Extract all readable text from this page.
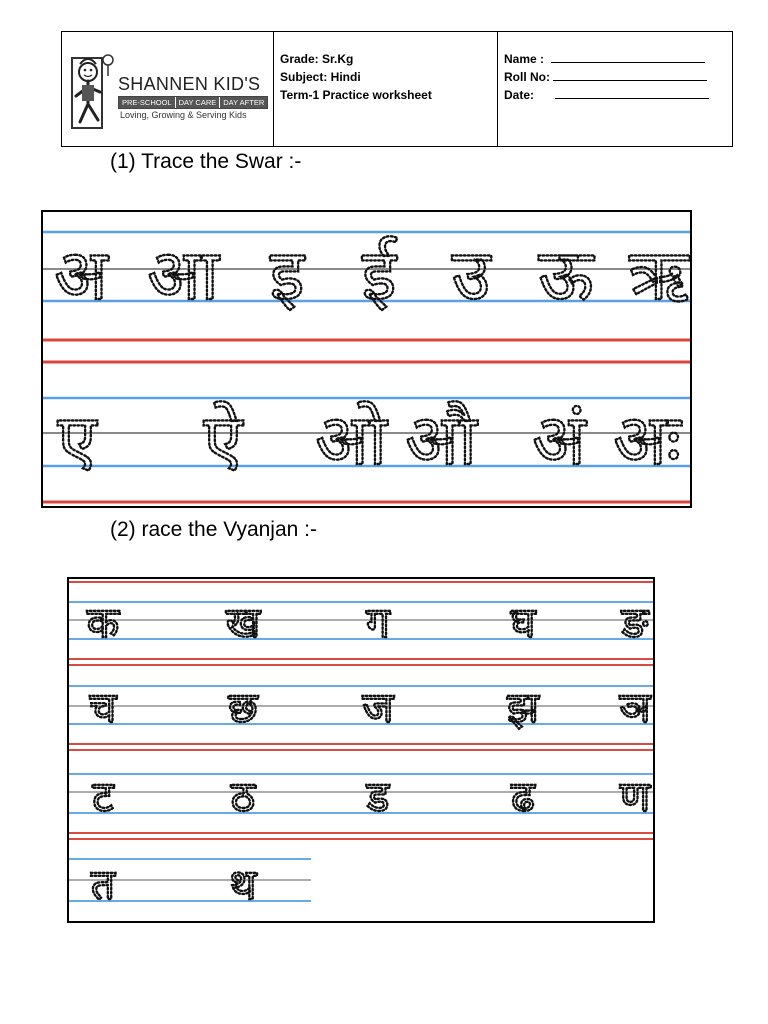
SHANNEN KID'S
PRE-SCHOOL DAY CARE DAY AFTER
Loving, Growing & Serving Kids
Grade: Sr.Kg
Subject: Hindi
Term-1 Practice worksheet
Name :
Roll No:
Date:
(1) Trace the Swar :-
अ आ इ ई उ ऊ ऋ
ए ऐ ओ औ अं अः
(2) race the Vyanjan :-
क	ख	ग	घ ङ
च	छ ज	झ ञ
ट	ठ	ड	ढ ण
त	थ
